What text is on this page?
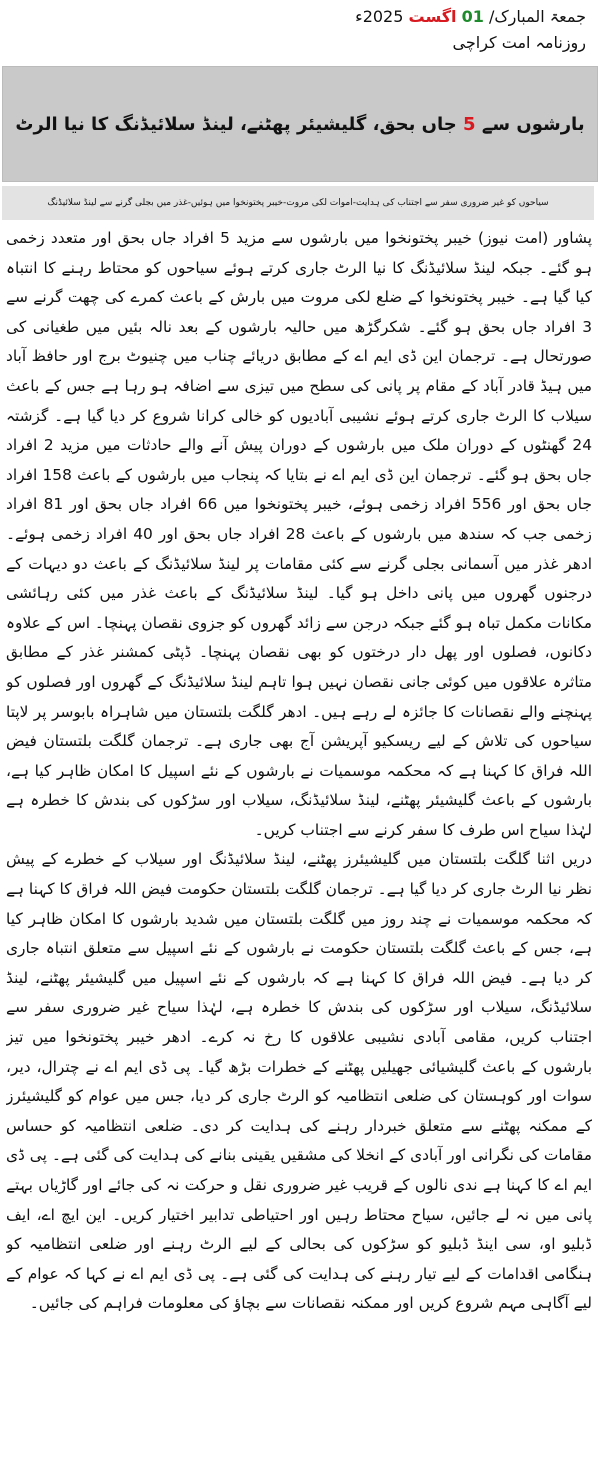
جمعۃ المبارک/ 01 اگست 2025ء
روزنامہ امت کراچی
بارشوں سے 5 جاں بحق، گلیشیئر پھٹنے، لینڈ سلائیڈنگ کا نیا الرٹ
سیاحوں کو غیر ضروری سفر سے اجتناب کی ہدایت-اموات لکی مروت-خیبر پختونخوا میں ہوئیں-غذر میں بجلی گرنے سے لینڈ سلائیڈنگ

پشاور (امت نیوز) خیبر پختونخوا میں بارشوں سے مزید 5 افراد جاں بحق اور متعدد زخمی ہو گئے۔ جبکہ لینڈ سلائیڈنگ کا نیا الرٹ جاری کرتے ہوئے سیاحوں کو محتاط رہنے کا انتباہ کیا گیا ہے۔ خیبر پختونخوا کے ضلع لکی مروت میں بارش کے باعث کمرے کی چھت گرنے سے 3 افراد جاں بحق ہو گئے۔ شکرگڑھ میں حالیہ بارشوں کے بعد نالہ بئیں میں طغیانی کی صورتحال ہے۔ ترجمان این ڈی ایم اے کے مطابق دریائے چناب میں چنیوٹ برج اور حافظ آباد میں ہیڈ قادر آباد کے مقام پر پانی کی سطح میں تیزی سے اضافہ ہو رہا ہے جس کے باعث سیلاب کا الرٹ جاری کرتے ہوئے نشیبی آبادیوں کو خالی کرانا شروع کر دیا گیا ہے۔ گزشتہ 24 گھنٹوں کے دوران ملک میں بارشوں کے دوران پیش آنے والے حادثات میں مزید 2 افراد جاں بحق ہو گئے۔ ترجمان این ڈی ایم اے نے بتایا کہ پنجاب میں بارشوں کے باعث 158 افراد جاں بحق اور 556 افراد زخمی ہوئے، خیبر پختونخوا میں 66 افراد جاں بحق اور 81 افراد زخمی جب کہ سندھ میں بارشوں کے باعث 28 افراد جاں بحق اور 40 افراد زخمی ہوئے۔ ادھر غذر میں آسمانی بجلی گرنے سے کئی مقامات پر لینڈ سلائیڈنگ کے باعث دو دیہات کے درجنوں گھروں میں پانی داخل ہو گیا۔ لینڈ سلائیڈنگ کے باعث غذر میں کئی رہائشی مکانات مکمل تباہ ہو گئے جبکہ درجن سے زائد گھروں کو جزوی نقصان پہنچا۔ اس کے علاوہ دکانوں، فصلوں اور پھل دار درختوں کو بھی نقصان پہنچا۔ ڈپٹی کمشنر غذر کے مطابق متاثرہ علاقوں میں کوئی جانی نقصان نہیں ہوا تاہم لینڈ سلائیڈنگ کے گھروں اور فصلوں کو پہنچنے والے نقصانات کا جائزہ لے رہے ہیں۔ ادھر گلگت بلتستان میں شاہراہ بابوسر پر لاپتا سیاحوں کی تلاش کے لیے ریسکیو آپریشن آج بھی جاری ہے۔ ترجمان گلگت بلتستان فیض اللہ فراق کا کہنا ہے کہ محکمہ موسمیات نے بارشوں کے نئے اسپیل کا امکان ظاہر کیا ہے، بارشوں کے باعث گلیشیئر پھٹنے، لینڈ سلائیڈنگ، سیلاب اور سڑکوں کی بندش کا خطرہ ہے لہٰذا سیاح اس طرف کا سفر کرنے سے اجتناب کریں۔

دریں اثنا گلگت بلتستان میں گلیشیئرز پھٹنے، لینڈ سلائیڈنگ اور سیلاب کے خطرے کے پیش نظر نیا الرٹ جاری کر دیا گیا ہے۔ ترجمان گلگت بلتستان حکومت فیض اللہ فراق کا کہنا ہے کہ محکمہ موسمیات نے چند روز میں گلگت بلتستان میں شدید بارشوں کا امکان ظاہر کیا ہے، جس کے باعث گلگت بلتستان حکومت نے بارشوں کے نئے اسپیل سے متعلق انتباہ جاری کر دیا ہے۔ فیض اللہ فراق کا کہنا ہے کہ بارشوں کے نئے اسپیل میں گلیشیئر پھٹنے، لینڈ سلائیڈنگ، سیلاب اور سڑکوں کی بندش کا خطرہ ہے، لہٰذا سیاح غیر ضروری سفر سے اجتناب کریں، مقامی آبادی نشیبی علاقوں کا رخ نہ کرے۔ ادھر خیبر پختونخوا میں تیز بارشوں کے باعث گلیشیائی جھیلیں پھٹنے کے خطرات بڑھ گیا۔ پی ڈی ایم اے نے چترال، دیر، سوات اور کوہستان کی ضلعی انتظامیہ کو الرٹ جاری کر دیا، جس میں عوام کو گلیشیئرز کے ممکنہ پھٹنے سے متعلق خبردار رہنے کی ہدایت کر دی۔ ضلعی انتظامیہ کو حساس مقامات کی نگرانی اور آبادی کے انخلا کی مشقیں یقینی بنانے کی ہدایت کی گئی ہے۔ پی ڈی ایم اے کا کہنا ہے ندی نالوں کے قریب غیر ضروری نقل و حرکت نہ کی جائے اور گاڑیاں بہتے پانی میں نہ لے جائیں، سیاح محتاط رہیں اور احتیاطی تدابیر اختیار کریں۔ این ایچ اے، ایف ڈبلیو او، سی اینڈ ڈبلیو کو سڑکوں کی بحالی کے لیے الرٹ رہنے اور ضلعی انتظامیہ کو ہنگامی اقدامات کے لیے تیار رہنے کی ہدایت کی گئی ہے۔ پی ڈی ایم اے نے کہا کہ عوام کے لیے آگاہی مہم شروع کریں اور ممکنہ نقصانات سے بچاؤ کی معلومات فراہم کی جائیں۔
